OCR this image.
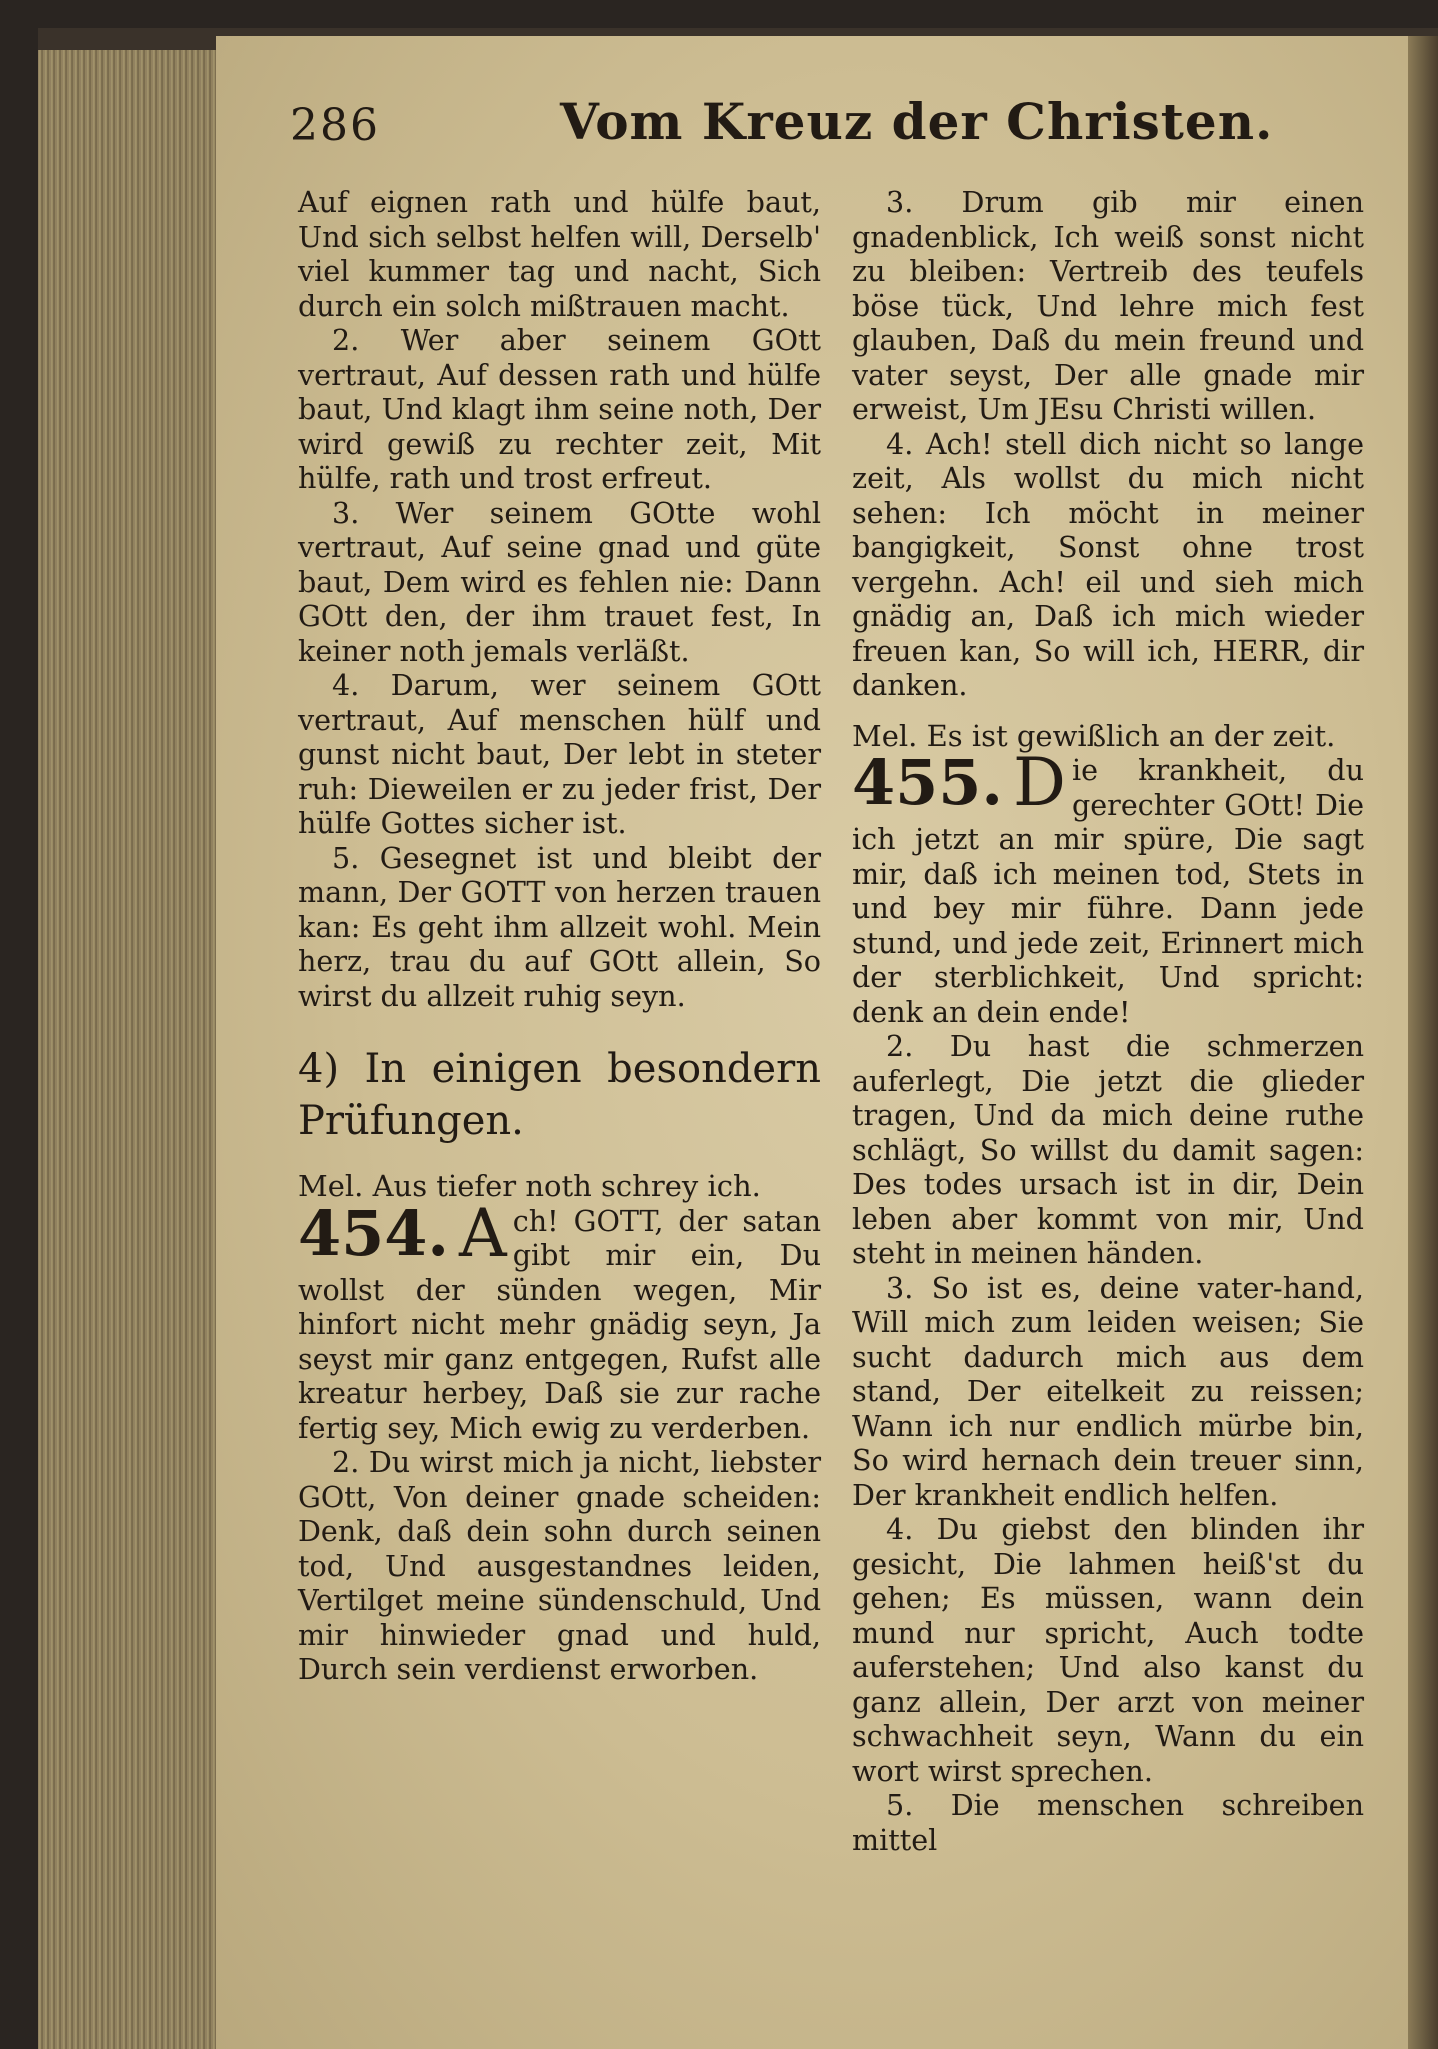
286	Vom Kreuz der Christen.

Auf eignen rath und hülfe baut, Und sich selbst helfen will, Derselb' viel kummer tag und nacht, Sich durch ein solch mißtrauen macht.

2. Wer aber seinem GOtt vertraut, Auf dessen rath und hülfe baut, Und klagt ihm seine noth, Der wird gewiß zu rechter zeit, Mit hülfe, rath und trost erfreut.

3. Wer seinem GOtte wohl vertraut, Auf seine gnad und güte baut, Dem wird es fehlen nie: Dann GOtt den, der ihm trauet fest, In keiner noth jemals verläßt.

4. Darum, wer seinem GOtt vertraut, Auf menschen hülf und gunst nicht baut, Der lebt in steter ruh: Dieweilen er zu jeder frist, Der hülfe Gottes sicher ist.

5. Gesegnet ist und bleibt der mann, Der GOTT von herzen trauen kan: Es geht ihm allzeit wohl. Mein herz, trau du auf GOtt allein, So wirst du allzeit ruhig seyn.

4) In einigen besondern Prüfungen.

Mel. Aus tiefer noth schrey ich.

454. A ch! GOTT, der satan gibt mir ein, Du wollst der sünden wegen, Mir hinfort nicht mehr gnädig seyn, Ja seyst mir ganz entgegen, Rufst alle kreatur herbey, Daß sie zur rache fertig sey, Mich ewig zu verderben.

2. Du wirst mich ja nicht, liebster GOtt, Von deiner gnade scheiden: Denk, daß dein sohn durch seinen tod, Und ausgestandnes leiden, Vertilget meine sündenschuld, Und mir hinwieder gnad und huld, Durch sein verdienst erworben.

3. Drum gib mir einen gnadenblick, Ich weiß sonst nicht zu bleiben: Vertreib des teufels böse tück, Und lehre mich fest glauben, Daß du mein freund und vater seyst, Der alle gnade mir erweist, Um JEsu Christi willen.

4. Ach! stell dich nicht so lange zeit, Als wollst du mich nicht sehen: Ich möcht in meiner bangigkeit, Sonst ohne trost vergehn. Ach! eil und sieh mich gnädig an, Daß ich mich wieder freuen kan, So will ich, HERR, dir danken.

Mel. Es ist gewißlich an der zeit.

455. D ie krankheit, du gerechter GOtt! Die ich jetzt an mir spüre, Die sagt mir, daß ich meinen tod, Stets in und bey mir führe. Dann jede stund, und jede zeit, Erinnert mich der sterblichkeit, Und spricht: denk an dein ende!

2. Du hast die schmerzen auferlegt, Die jetzt die glieder tragen, Und da mich deine ruthe schlägt, So willst du damit sagen: Des todes ursach ist in dir, Dein leben aber kommt von mir, Und steht in meinen händen.

3. So ist es, deine vater-hand, Will mich zum leiden weisen; Sie sucht dadurch mich aus dem stand, Der eitelkeit zu reissen; Wann ich nur endlich mürbe bin, So wird hernach dein treuer sinn, Der krankheit endlich helfen.

4. Du giebst den blinden ihr gesicht, Die lahmen heiß'st du gehen; Es müssen, wann dein mund nur spricht, Auch todte auferstehen; Und also kanst du ganz allein, Der arzt von meiner schwachheit seyn, Wann du ein wort wirst sprechen.

5. Die menschen schreiben mittel
